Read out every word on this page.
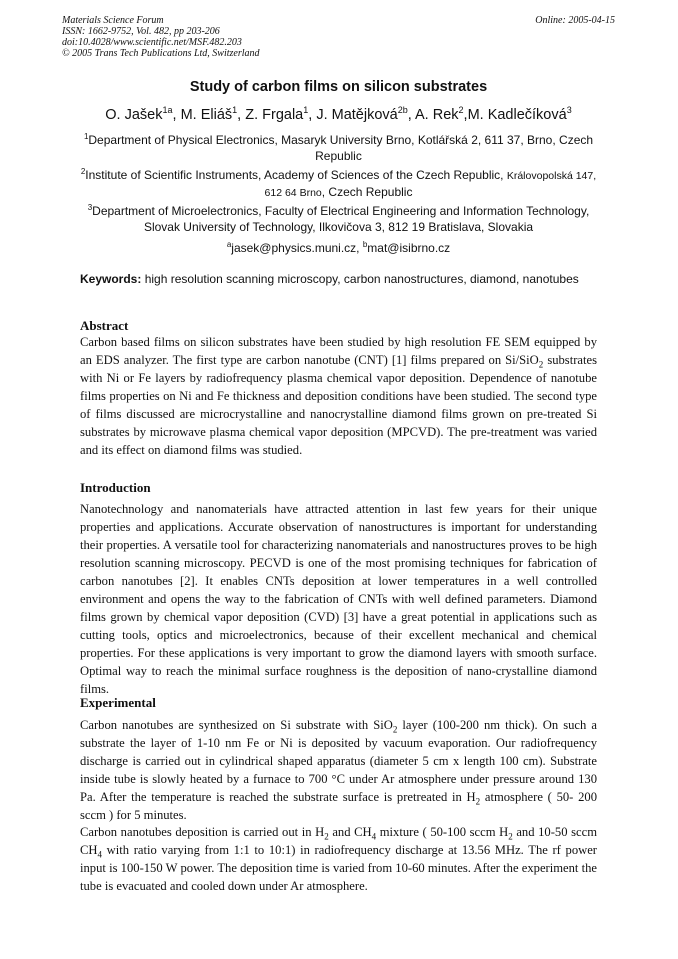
Materials Science Forum
ISSN: 1662-9752, Vol. 482, pp 203-206
doi:10.4028/www.scientific.net/MSF.482.203
© 2005 Trans Tech Publications Ltd, Switzerland
Online: 2005-04-15
Study of carbon films on silicon substrates
O. Jašek$^{1a}$, M. Eliáš$^1$, Z. Frgala$^1$, J. Matějková$^{2b}$, A. Rek$^2$,M. Kadlečíková$^3$
$^1$Department of Physical Electronics, Masaryk University Brno, Kotlářská 2, 611 37, Brno, Czech Republic
$^2$Institute of Scientific Instruments, Academy of Sciences of the Czech Republic, Královopolská 147, 612 64 Brno, Czech Republic
$^3$Department of Microelectronics, Faculty of Electrical Engineering and Information Technology, Slovak University of Technology, Ilkovičova 3, 812 19 Bratislava, Slovakia
$^a$jasek@physics.muni.cz, $^b$mat@isibrno.cz
Keywords: high resolution scanning microscopy, carbon nanostructures, diamond, nanotubes
Abstract
Carbon based films on silicon substrates have been studied by high resolution FE SEM equipped by an EDS analyzer. The first type are carbon nanotube (CNT) [1] films prepared on Si/SiO$_2$ substrates with Ni or Fe layers by radiofrequency plasma chemical vapor deposition. Dependence of nanotube films properties on Ni and Fe thickness and deposition conditions have been studied. The second type of films discussed are microcrystalline and nanocrystalline diamond films grown on pre-treated Si substrates by microwave plasma chemical vapor deposition (MPCVD). The pre-treatment was varied and its effect on diamond films was studied.
Introduction
Nanotechnology and nanomaterials have attracted attention in last few years for their unique properties and applications. Accurate observation of nanostructures is important for understanding their properties. A versatile tool for characterizing nanomaterials and nanostructures proves to be high resolution scanning microscopy. PECVD is one of the most promising techniques for fabrication of carbon nanotubes [2]. It enables CNTs deposition at lower temperatures in a well controlled environment and opens the way to the fabrication of CNTs with well defined parameters. Diamond films grown by chemical vapor deposition (CVD) [3] have a great potential in applications such as cutting tools, optics and microelectronics, because of their excellent mechanical and chemical properties. For these applications is very important to grow the diamond layers with smooth surface. Optimal way to reach the minimal surface roughness is the deposition of nano-crystalline diamond films.
Experimental
Carbon nanotubes are synthesized on Si substrate with SiO$_2$ layer (100-200 nm thick). On such a substrate the layer of 1-10 nm Fe or Ni is deposited by vacuum evaporation. Our radiofrequency discharge is carried out in cylindrical shaped apparatus (diameter 5 cm x length 100 cm). Substrate inside tube is slowly heated by a furnace to 700 °C under Ar atmosphere under pressure around 130 Pa. After the temperature is reached the substrate surface is pretreated in $H_2$ atmosphere ( 50- 200 sccm ) for 5 minutes.
Carbon nanotubes deposition is carried out in $H_2$ and $CH_4$ mixture ( 50-100 sccm $H_2$ and 10-50 sccm $CH_4$ with ratio varying from 1:1 to 10:1) in radiofrequency discharge at 13.56 MHz. The rf power input is 100-150 W power. The deposition time is varied from 10-60 minutes. After the experiment the tube is evacuated and cooled down under Ar atmosphere.
